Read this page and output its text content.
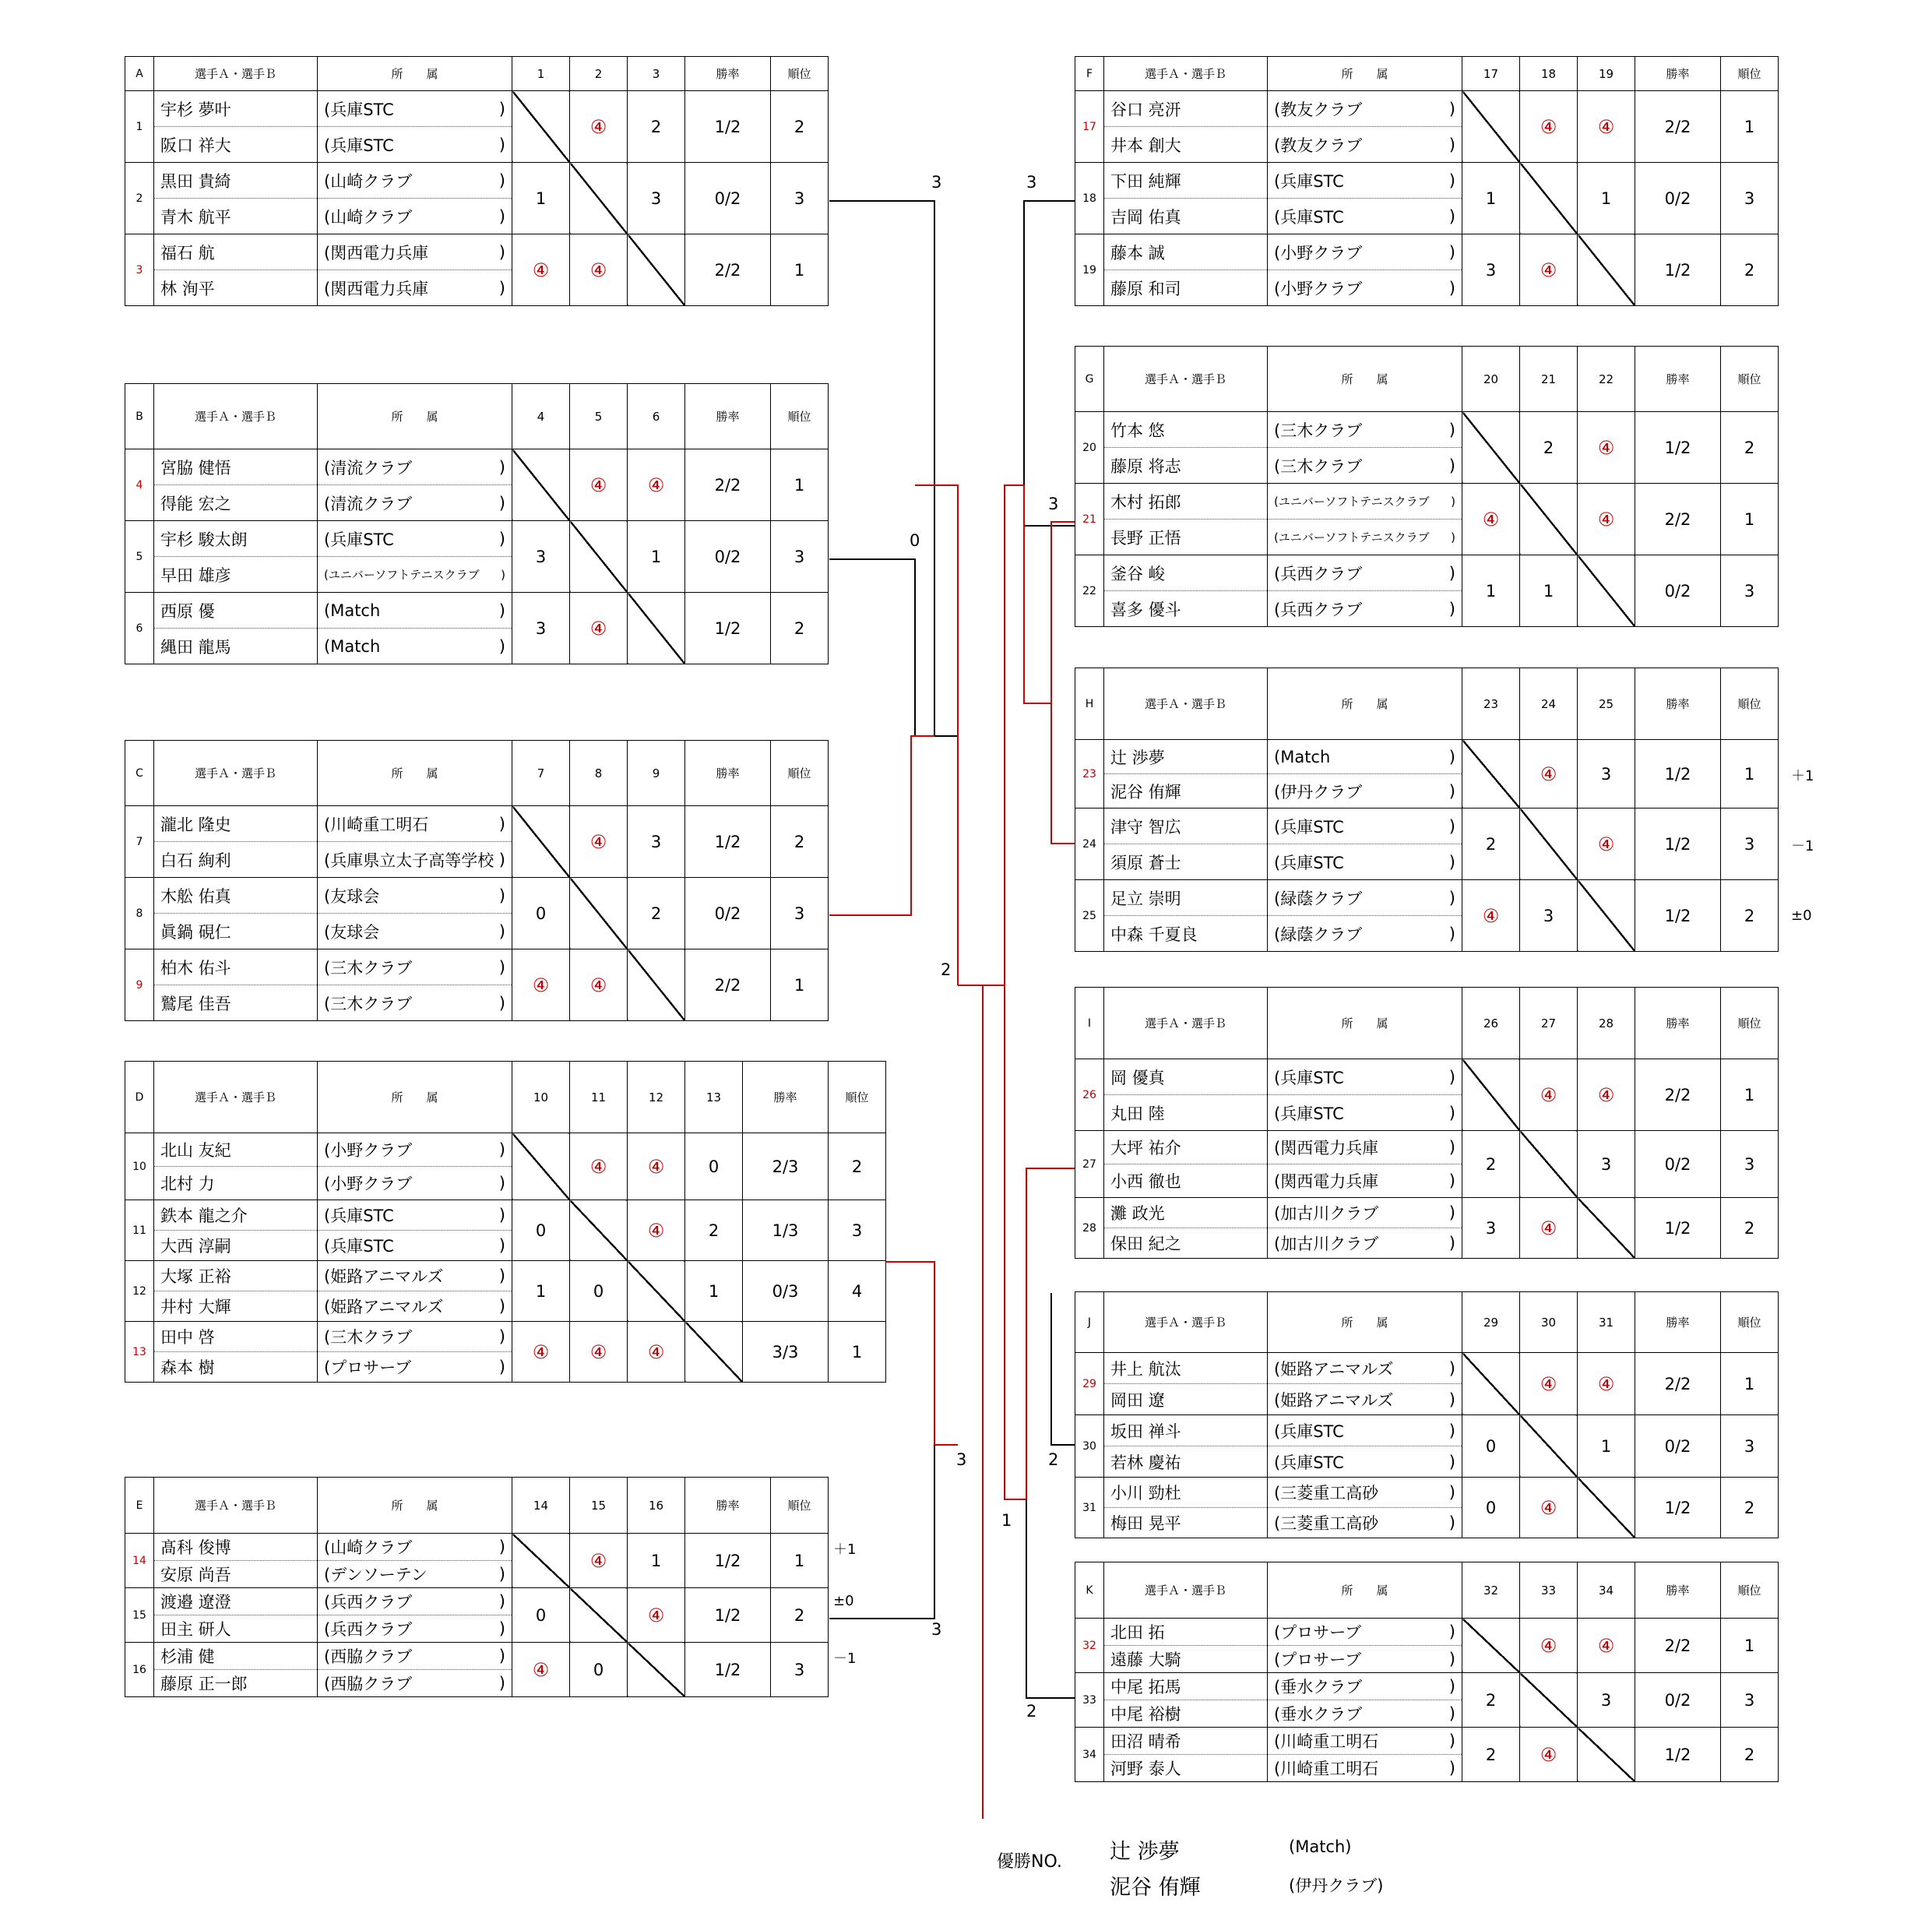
A	選手Ａ・選手Ｂ	所　　属	1	2	3	勝率	順位
1	宇杉 夢叶	(兵庫STC )		④	2	1/2	2
	阪口 祥大	(兵庫STC )					

2	黒田 貴綺	(山崎クラブ )	1		3	0/2	3
	青木 航平	(山崎クラブ )					

3	福石 航	(関西電力兵庫 )	④	④		2/2	1
	林 洵平	(関西電力兵庫 )					
B	選手Ａ・選手Ｂ	所　　属	4	5	6	勝率	順位
4	宮脇 健悟	(清流クラブ )		④	④	2/2	1
	得能 宏之	(清流クラブ )					

5	宇杉 駿太朗	(兵庫STC )	3		1	0/2	3
	早田 雄彦	(ユニバーソフトテニスクラブ )					

6	西原 優	(Match )	3	④		1/2	2
	縄田 龍馬	(Match )					
C	選手Ａ・選手Ｂ	所　　属	7	8	9	勝率	順位
7	瀧北 隆史	(川崎重工明石 )		④	3	1/2	2
	白石 絢利	(兵庫県立太子高等学校 )					

8	木舩 佑真	(友球会 )	0		2	0/2	3
	眞鍋 硯仁	(友球会 )					

9	柏木 佑斗	(三木クラブ )	④	④		2/2	1
	鷲尾 佳吾	(三木クラブ )					
D	選手Ａ・選手Ｂ	所　　属	10	11	12	13	勝率	順位
10	北山 友紀	(小野クラブ )		④	④	0	2/3	2
	北村 力	(小野クラブ )						

11	鉄本 龍之介	(兵庫STC )	0		④	2	1/3	3
	大西 淳嗣	(兵庫STC )						

12	大塚 正裕	(姫路アニマルズ )	1	0		1	0/3	4
	井村 大輝	(姫路アニマルズ )						

13	田中 啓	(三木クラブ )	④	④	④		3/3	1
	森本 樹	(プロサーブ )						
E	選手Ａ・選手Ｂ	所　　属	14	15	16	勝率	順位
14	髙科 俊博	(山崎クラブ )		④	1	1/2	1
	安原 尚吾	(デンソーテン )					

15	渡邉 遼澄	(兵西クラブ )	0		④	1/2	2
	田主 研人	(兵西クラブ )					

16	杉浦 健	(西脇クラブ )	④	0		1/2	3
	藤原 正一郎	(西脇クラブ )					
F	選手Ａ・選手Ｂ	所　　属	17	18	19	勝率	順位
17	谷口 亮汧	(教友クラブ )		④	④	2/2	1
	井本 創大	(教友クラブ )					

18	下田 純輝	(兵庫STC )	1		1	0/2	3
	吉岡 佑真	(兵庫STC )					

19	藤本 誠	(小野クラブ )	3	④		1/2	2
	藤原 和司	(小野クラブ )					
G	選手Ａ・選手Ｂ	所　　属	20	21	22	勝率	順位
20	竹本 悠	(三木クラブ )		2	④	1/2	2
	藤原 将志	(三木クラブ )					

21	木村 拓郎	(ユニバーソフトテニスクラブ )	④		④	2/2	1
	長野 正悟	(ユニバーソフトテニスクラブ )					

22	釜谷 峻	(兵西クラブ )	1	1		0/2	3
	喜多 優斗	(兵西クラブ )					
H	選手Ａ・選手Ｂ	所　　属	23	24	25	勝率	順位
23	辻 渉夢	(Match )		④	3	1/2	1
	泥谷 侑輝	(伊丹クラブ )					

24	津守 智広	(兵庫STC )	2		④	1/2	3
	須原 蒼士	(兵庫STC )					

25	足立 崇明	(緑蔭クラブ )	④	3		1/2	2
	中森 千夏良	(緑蔭クラブ )					
I	選手Ａ・選手Ｂ	所　　属	26	27	28	勝率	順位
26	岡 優真	(兵庫STC )		④	④	2/2	1
	丸田 陸	(兵庫STC )					

27	大坪 祐介	(関西電力兵庫 )	2		3	0/2	3
	小西 徹也	(関西電力兵庫 )					

28	灘 政光	(加古川クラブ )	3	④		1/2	2
	保田 紀之	(加古川クラブ )					
J	選手Ａ・選手Ｂ	所　　属	29	30	31	勝率	順位
29	井上 航汰	(姫路アニマルズ )		④	④	2/2	1
	岡田 遼	(姫路アニマルズ )					

30	坂田 禅斗	(兵庫STC )	0		1	0/2	3
	若林 慶祐	(兵庫STC )					

31	小川 勁杜	(三菱重工高砂 )	0	④		1/2	2
	梅田 晃平	(三菱重工高砂 )					
K	選手Ａ・選手Ｂ	所　　属	32	33	34	勝率	順位
32	北田 拓	(プロサーブ )		④	④	2/2	1
	遠藤 大騎	(プロサーブ )					

33	中尾 拓馬	(垂水クラブ )	2		3	0/2	3
	中尾 裕樹	(垂水クラブ )					

34	田沼 晴希	(川崎重工明石 )	2	④		1/2	2
	河野 泰人	(川崎重工明石 )					
3
0
2
3
3
3
3
2
1
2
＋1
±0
－1
＋1
－1
±0
優勝NO. 辻 渉夢
泥谷 侑輝
(Match)
(伊丹クラブ)
